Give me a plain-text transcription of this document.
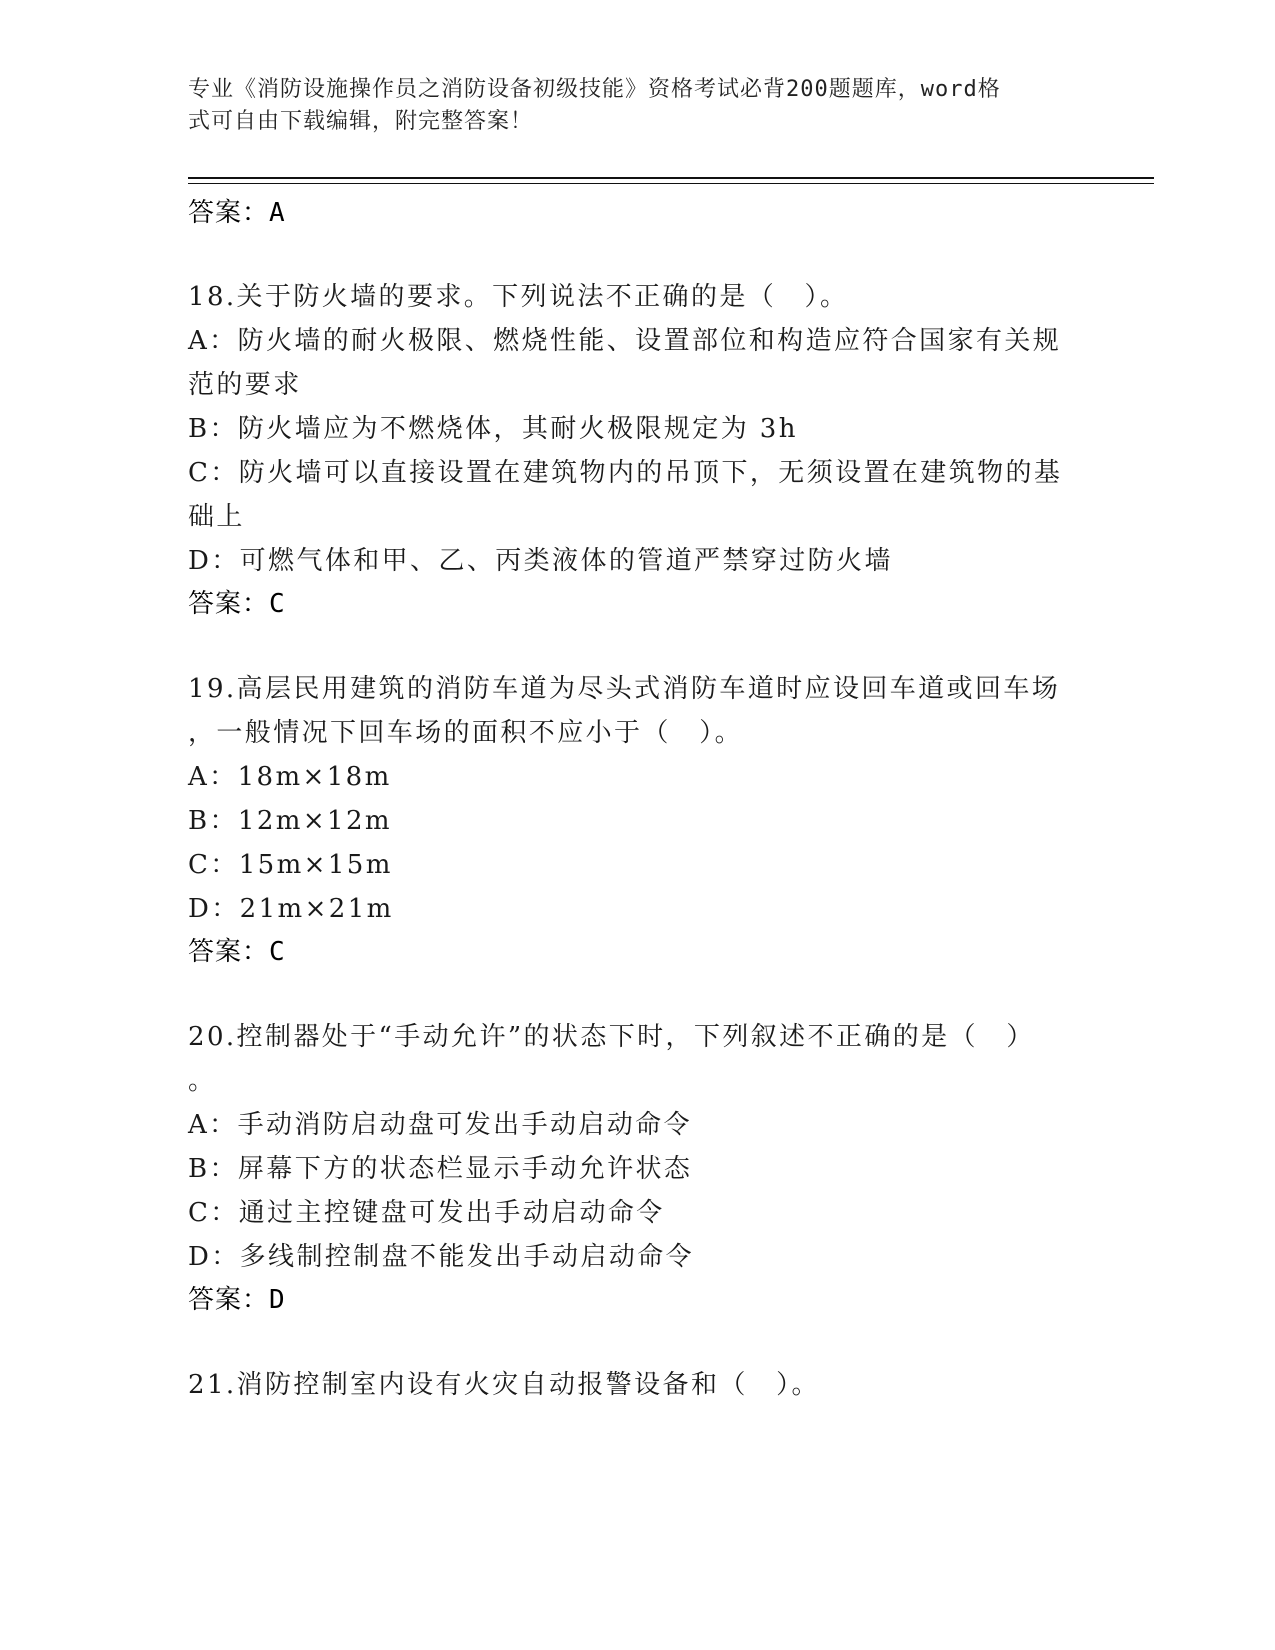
专业《消防设施操作员之消防设备初级技能》资格考试必背200题题库，word格
式可自由下载编辑，附完整答案！
答案：A
18.关于防火墙的要求。下列说法不正确的是（　）。
A：防火墙的耐火极限、燃烧性能、设置部位和构造应符合国家有关规
范的要求
B：防火墙应为不燃烧体，其耐火极限规定为 3h
C：防火墙可以直接设置在建筑物内的吊顶下，无须设置在建筑物的基
础上
D：可燃气体和甲、乙、丙类液体的管道严禁穿过防火墙
答案：C
19.高层民用建筑的消防车道为尽头式消防车道时应设回车道或回车场
，一般情况下回车场的面积不应小于（　）。
A：18m×18m
B：12m×12m
C：15m×15m
D：21m×21m
答案：C
20.控制器处于“手动允许”的状态下时，下列叙述不正确的是（　）
。
A：手动消防启动盘可发出手动启动命令
B：屏幕下方的状态栏显示手动允许状态
C：通过主控键盘可发出手动启动命令
D：多线制控制盘不能发出手动启动命令
答案：D
21.消防控制室内设有火灾自动报警设备和（　）。
